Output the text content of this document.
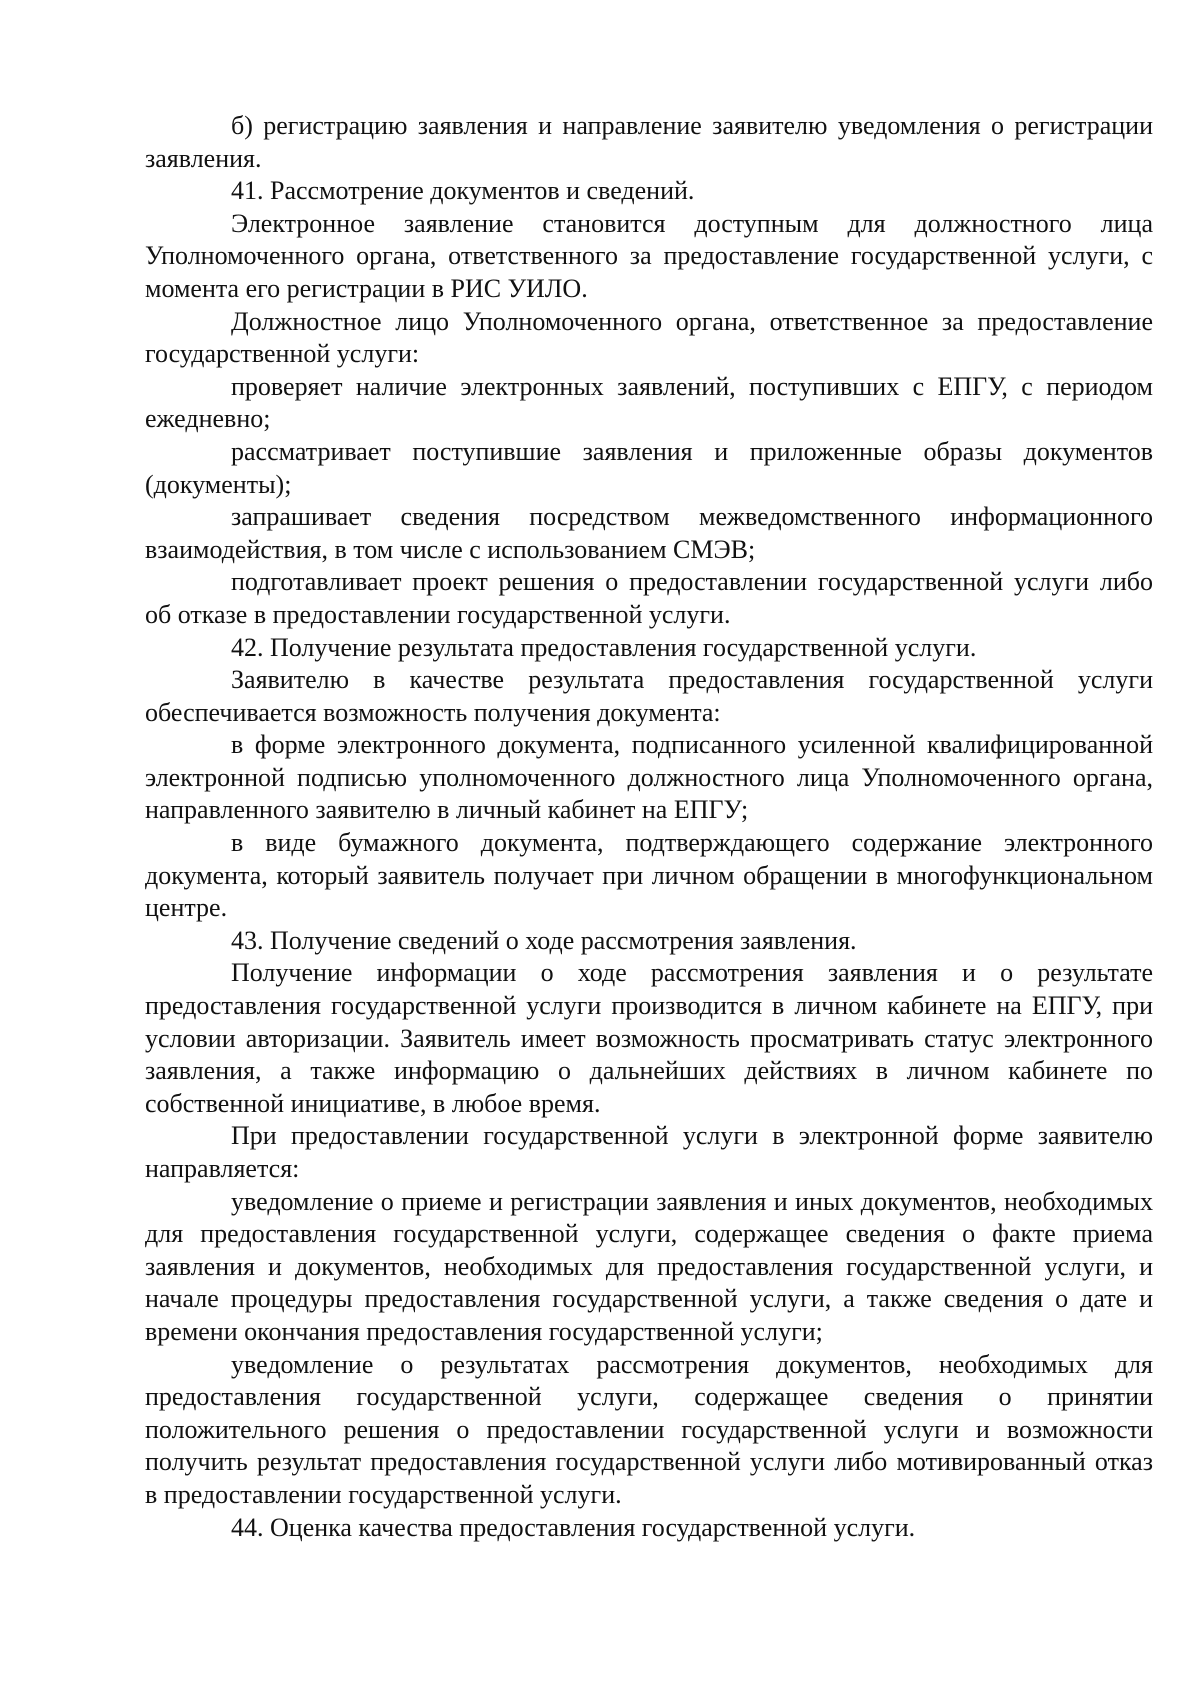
б) регистрацию заявления и направление заявителю уведомления о регистрации заявления.

41. Рассмотрение документов и сведений.

Электронное заявление становится доступным для должностного лица Уполномоченного органа, ответственного за предоставление государственной услуги, с момента его регистрации в РИС УИЛО.

Должностное лицо Уполномоченного органа, ответственное за предоставление государственной услуги:

проверяет наличие электронных заявлений, поступивших с ЕПГУ, с периодом ежедневно;

рассматривает поступившие заявления и приложенные образы документов (документы);

запрашивает сведения посредством межведомственного информационного взаимодействия, в том числе с использованием СМЭВ;

подготавливает проект решения о предоставлении государственной услуги либо об отказе в предоставлении государственной услуги.

42. Получение результата предоставления государственной услуги.

Заявителю в качестве результата предоставления государственной услуги обеспечивается возможность получения документа:

в форме электронного документа, подписанного усиленной квалифицированной электронной подписью уполномоченного должностного лица Уполномоченного органа, направленного заявителю в личный кабинет на ЕПГУ;

в виде бумажного документа, подтверждающего содержание электронного документа, который заявитель получает при личном обращении в многофункциональном центре.

43. Получение сведений о ходе рассмотрения заявления.

Получение информации о ходе рассмотрения заявления и о результате предоставления государственной услуги производится в личном кабинете на ЕПГУ, при условии авторизации. Заявитель имеет возможность просматривать статус электронного заявления, а также информацию о дальнейших действиях в личном кабинете по собственной инициативе, в любое время.

При предоставлении государственной услуги в электронной форме заявителю направляется:

уведомление о приеме и регистрации заявления и иных документов, необходимых для предоставления государственной услуги, содержащее сведения о факте приема заявления и документов, необходимых для предоставления государственной услуги, и начале процедуры предоставления государственной услуги, а также сведения о дате и времени окончания предоставления государственной услуги;

уведомление о результатах рассмотрения документов, необходимых для предоставления государственной услуги, содержащее сведения о принятии положительного решения о предоставлении государственной услуги и возможности получить результат предоставления государственной услуги либо мотивированный отказ в предоставлении государственной услуги.

44. Оценка качества предоставления государственной услуги.
